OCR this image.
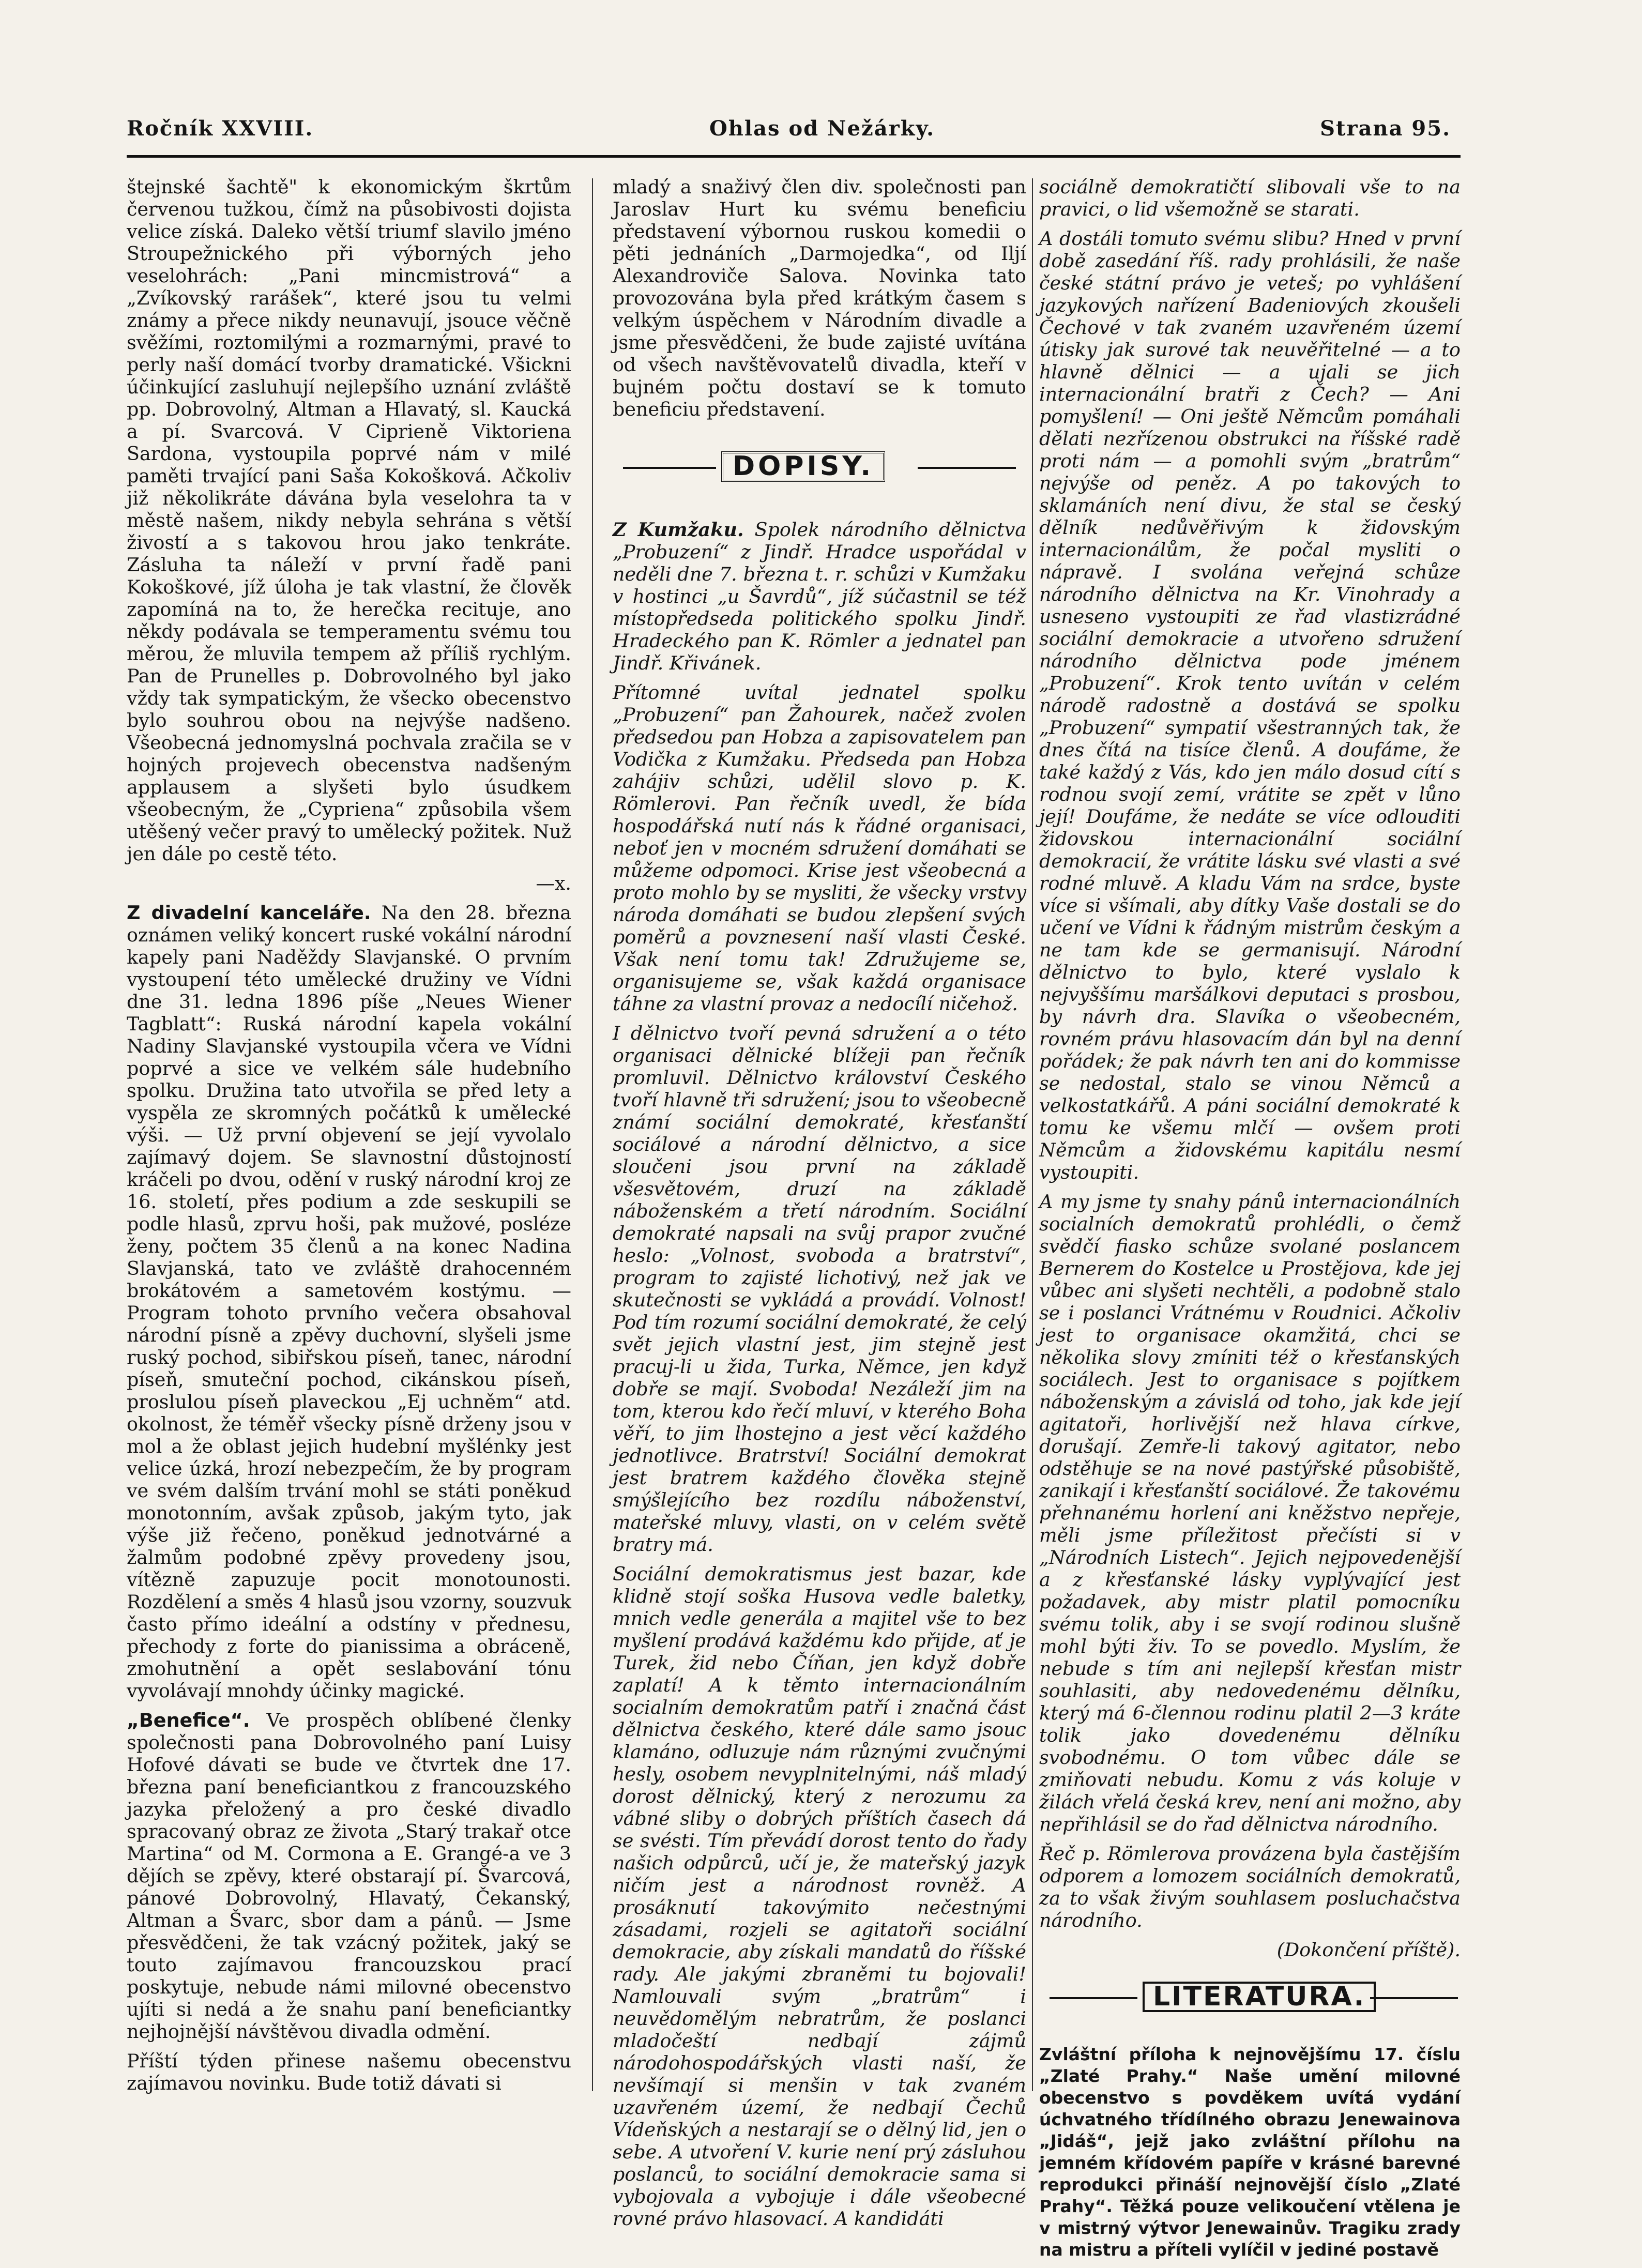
Ročník XXVIII.	Ohlas od Nežárky.	Strana 95.

štejnské šachtě" k ekonomickým škrtům červenou tužkou, čímž na působivosti dojista velice získá. Daleko větší triumf slavilo jméno Stroupežnického při výborných jeho veselohrách: „Pani mincmistrová“ a „Zvíkovský rarášek“, které jsou tu velmi známy a přece nikdy neunavují, jsouce věčně svěžími, roztomilými a rozmarnými, pravé to perly naší domácí tvorby dramatické. Všickni účinkující zasluhují nejlepšího uznání zvláště pp. Dobrovolný, Altman a Hlavatý, sl. Kaucká a pí. Svarcová. V Ciprieně Viktoriena Sardona, vystoupila poprvé nám v milé paměti trvající pani Saša Kokošková. Ačkoliv již několikráte dávána byla veselohra ta v městě našem, nikdy nebyla sehrána s větší živostí a s takovou hrou jako tenkráte. Zásluha ta náleží v první řadě pani Kokoškové, jíž úloha je tak vlastní, že člověk zapomíná na to, že herečka recituje, ano někdy podávala se temperamentu svému tou měrou, že mluvila tempem až příliš rychlým. Pan de Prunelles p. Dobrovolného byl jako vždy tak sympatickým, že všecko obecenstvo bylo souhrou obou na nejvýše nadšeno. Všeobecná jednomyslná pochvala zračila se v hojných projevech obecenstva nadšeným applausem a slyšeti bylo úsudkem všeobecným, že „Cypriena“ způsobila všem utěšený večer pravý to umělecký požitek. Nuž jen dále po cestě této.

—x.

Z divadelní kanceláře. Na den 28. března oznámen veliký koncert ruské vokální národní kapely pani Naděždy Slavjanské. O prvním vystoupení této umělecké družiny ve Vídni dne 31. ledna 1896 píše „Neues Wiener Tagblatt“: Ruská národní kapela vokální Nadiny Slavjanské vystoupila včera ve Vídni poprvé a sice ve velkém sále hudebního spolku. Družina tato utvořila se před lety a vyspěla ze skromných počátků k umělecké výši. — Už první objevení se její vyvolalo zajímavý dojem. Se slavnostní důstojností kráčeli po dvou, odění v ruský národní kroj ze 16. století, přes podium a zde seskupili se podle hlasů, zprvu hoši, pak mužové, posléze ženy, počtem 35 členů a na konec Nadina Slavjanská, tato ve zvláště drahocenném brokátovém a sametovém kostýmu. — Program tohoto prvního večera obsahoval národní písně a zpěvy duchovní, slyšeli jsme ruský pochod, sibiřskou píseň, tanec, národní píseň, smuteční pochod, cikánskou píseň, proslulou píseň plaveckou „Ej uchněm“ atd. okolnost, že téměř všecky písně drženy jsou v mol a že oblast jejich hudební myšlénky jest velice úzká, hrozí nebezpečím, že by program ve svém dalším trvání mohl se státi poněkud monotonním, avšak způsob, jakým tyto, jak výše již řečeno, poněkud jednotvárné a žalmům podobné zpěvy provedeny jsou, vítězně zapuzuje pocit monotounosti. Rozdělení a směs 4 hlasů jsou vzorny, souzvuk často přímo ideální a odstíny v přednesu, přechody z forte do pianissima a obráceně, zmohutnění a opět seslabování tónu vyvolávají mnohdy účinky magické.

„Benefice“. Ve prospěch oblíbené členky společnosti pana Dobrovolného paní Luisy Hofové dávati se bude ve čtvrtek dne 17. března paní beneficiantkou z francouzského jazyka přeložený a pro české divadlo spracovaný obraz ze života „Starý trakař otce Martina“ od M. Cormona a E. Grangé-a ve 3 dějích se zpěvy, které obstarají pí. Švarcová, pánové Dobrovolný, Hlavatý, Čekanský, Altman a Švarc, sbor dam a pánů. — Jsme přesvědčeni, že tak vzácný požitek, jaký se touto zajímavou francouzskou prací poskytuje, nebude námi milovné obecenstvo ujíti si nedá a že snahu paní beneficiantky nejhojnější návštěvou divadla odmění.

Příští týden přinese našemu obecenstvu zajímavou novinku. Bude totiž dávati si

mladý a snaživý člen div. společnosti pan Jaroslav Hurt ku svému beneficiu představení výbornou ruskou komedii o pěti jednáních „Darmojedka“, od Iljí Alexandroviče Salova. Novinka tato provozována byla před krátkým časem s velkým úspěchem v Národním divadle a jsme přesvědčeni, že bude zajisté uvítána od všech navštěvovatelů divadla, kteří v bujném počtu dostaví se k tomuto beneficiu představení.

DOPISY.

Z Kumžaku. Spolek národního dělnictva „Probuzení“ z Jindř. Hradce uspořádal v neděli dne 7. března t. r. schůzi v Kumžaku v hostinci „u Šavrdů“, jíž súčastnil se též místopředseda politického spolku Jindř. Hradeckého pan K. Römler a jednatel pan Jindř. Křivánek.

Přítomné uvítal jednatel spolku „Probuzení“ pan Žahourek, načež zvolen předsedou pan Hobza a zapisovatelem pan Vodička z Kumžaku. Předseda pan Hobza zahájiv schůzi, udělil slovo p. K. Römlerovi. Pan řečník uvedl, že bída hospodářská nutí nás k řádné organisaci, neboť jen v mocném sdružení domáhati se můžeme odpomoci. Krise jest všeobecná a proto mohlo by se mysliti, že všecky vrstvy národa domáhati se budou zlepšení svých poměrů a povznesení naší vlasti České. Však není tomu tak! Združujeme se, organisujeme se, však každá organisace táhne za vlastní provaz a nedocílí ničehož.

I dělnictvo tvoří pevná sdružení a o této organisaci dělnické blížeji pan řečník promluvil. Dělnictvo království Českého tvoří hlavně tři sdružení; jsou to všeobecně známí sociální demokraté, křesťanští sociálové a národní dělnictvo, a sice sloučeni jsou první na základě všesvětovém, druzí na základě náboženském a třetí národním. Sociální demokraté napsali na svůj prapor zvučné heslo: „Volnost, svoboda a bratrství“, program to zajisté lichotivý, než jak ve skutečnosti se vykládá a provádí. Volnost! Pod tím rozumí sociální demokraté, že celý svět jejich vlastní jest, jim stejně jest pracuj-li u žida, Turka, Němce, jen když dobře se mají. Svoboda! Nezáleží jim na tom, kterou kdo řečí mluví, v kterého Boha věří, to jim lhostejno a jest věcí každého jednotlivce. Bratrství! Sociální demokrat jest bratrem každého člověka stejně smýšlejícího bez rozdílu náboženství, mateřské mluvy, vlasti, on v celém světě bratry má.

Sociální demokratismus jest bazar, kde klidně stojí soška Husova vedle baletky, mnich vedle generála a majitel vše to bez myšlení prodává každému kdo přijde, ať je Turek, žid nebo Číňan, jen když dobře zaplatí! A k těmto internacionálním socialním demokratům patří i značná část dělnictva českého, které dále samo jsouc klamáno, odluzuje nám různými zvučnými hesly, osobem nevyplnitelnými, náš mladý dorost dělnický, který z nerozumu za vábné sliby o dobrých příštích časech dá se svésti. Tím převádí dorost tento do řady našich odpůrců, učí je, že mateřský jazyk ničím jest a národnost rovněž. A prosáknutí takovýmito nečestnými zásadami, rozjeli se agitatoři sociální demokracie, aby získali mandatů do říšské rady. Ale jakými zbraněmi tu bojovali! Namlouvali svým „bratrům“ i neuvědomělým nebratrům, že poslanci mladočeští nedbají zájmů národohospodářských vlasti naší, že nevšímají si menšin v tak zvaném uzavřeném území, že nedbají Čechů Vídeňských a nestarají se o dělný lid, jen o sebe. A utvoření V. kurie není prý zásluhou poslanců, to sociální demokracie sama si vybojovala a vybojuje i dále všeobecné rovné právo hlasovací. A kandidáti

sociálně demokratičtí slibovali vše to na pravici, o lid všemožně se starati.

A dostáli tomuto svému slibu? Hned v první době zasedání říš. rady prohlásili, že naše české státní právo je veteš; po vyhlášení jazykových nařízení Badeniových zkoušeli Čechové v tak zvaném uzavřeném území útisky jak surové tak neuvěřitelné — a to hlavně dělnici — a ujali se jich internacionální bratři z Čech? — Ani pomyšlení! — Oni ještě Němcům pomáhali dělati nezřízenou obstrukci na říšské radě proti nám — a pomohli svým „bratrům“ nejvýše od peněz. A po takových to sklamáních není divu, že stal se český dělník nedůvěřivým k židovským internacionálům, že počal mysliti o nápravě. I svolána veřejná schůze národního dělnictva na Kr. Vinohrady a usneseno vystoupiti ze řad vlastizrádné sociální demokracie a utvořeno sdružení národního dělnictva pode jménem „Probuzení“. Krok tento uvítán v celém národě radostně a dostává se spolku „Probuzení“ sympatií všestranných tak, že dnes čítá na tisíce členů. A doufáme, že také každý z Vás, kdo jen málo dosud cítí s rodnou svojí zemí, vrátite se zpět v lůno její! Doufáme, že nedáte se více odlouditi židovskou internacionální sociální demokracií, že vrátite lásku své vlasti a své rodné mluvě. A kladu Vám na srdce, byste více si všímali, aby dítky Vaše dostali se do učení ve Vídni k řádným mistrům českým a ne tam kde se germanisují. Národní dělnictvo to bylo, které vyslalo k nejvyššímu maršálkovi deputaci s prosbou, by návrh dra. Slavíka o všeobecném, rovném právu hlasovacím dán byl na denní pořádek; že pak návrh ten ani do kommisse se nedostal, stalo se vinou Němců a velkostatkářů. A páni sociální demokraté k tomu ke všemu mlčí — ovšem proti Němcům a židovskému kapitálu nesmí vystoupiti.

A my jsme ty snahy pánů internacionálních socialních demokratů prohlédli, o čemž svědčí fiasko schůze svolané poslancem Bernerem do Kostelce u Prostějova, kde jej vůbec ani slyšeti nechtěli, a podobně stalo se i poslanci Vrátnému v Roudnici. Ačkoliv jest to organisace okamžitá, chci se několika slovy zmíniti též o křesťanských sociálech. Jest to organisace s pojítkem náboženským a závislá od toho, jak kde její agitatoři, horlivější než hlava církve, dorušají. Zemře-li takový agitator, nebo odstěhuje se na nové pastýřské působiště, zanikají i křesťanští sociálové. Že takovému přehnanému horlení ani kněžstvo nepřeje, měli jsme příležitost přečísti si v „Národních Listech“. Jejich nejpovedenější a z křesťanské lásky vyplývající jest požadavek, aby mistr platil pomocníku svému tolik, aby i se svojí rodinou slušně mohl býti živ. To se povedlo. Myslím, že nebude s tím ani nejlepší křesťan mistr souhlasiti, aby nedovedenému dělníku, který má 6-člennou rodinu platil 2—3 kráte tolik jako dovedenému dělníku svobodnému. O tom vůbec dále se zmiňovati nebudu. Komu z vás koluje v žilách vřelá česká krev, není ani možno, aby nepřihlásil se do řad dělnictva národního.

Řeč p. Römlerova provázena byla častějším odporem a lomozem sociálních demokratů, za to však živým souhlasem posluchačstva národního.

(Dokončení příště).

LITERATURA.

Zvláštní příloha k nejnovějšímu 17. číslu „Zlaté Prahy.“ Naše umění milovné obecenstvo s povděkem uvítá vydání úchvatného třídílného obrazu Jenewainova „Jidáš“, jejž jako zvláštní přílohu na jemném křídovém papíře v krásné barevné reprodukci přináší nejnovější číslo „Zlaté Prahy“. Těžká pouze velikoučení vtělena je v mistrný výtvor Jenewainův. Tragiku zrady na mistru a příteli vylíčil v jediné postavě
